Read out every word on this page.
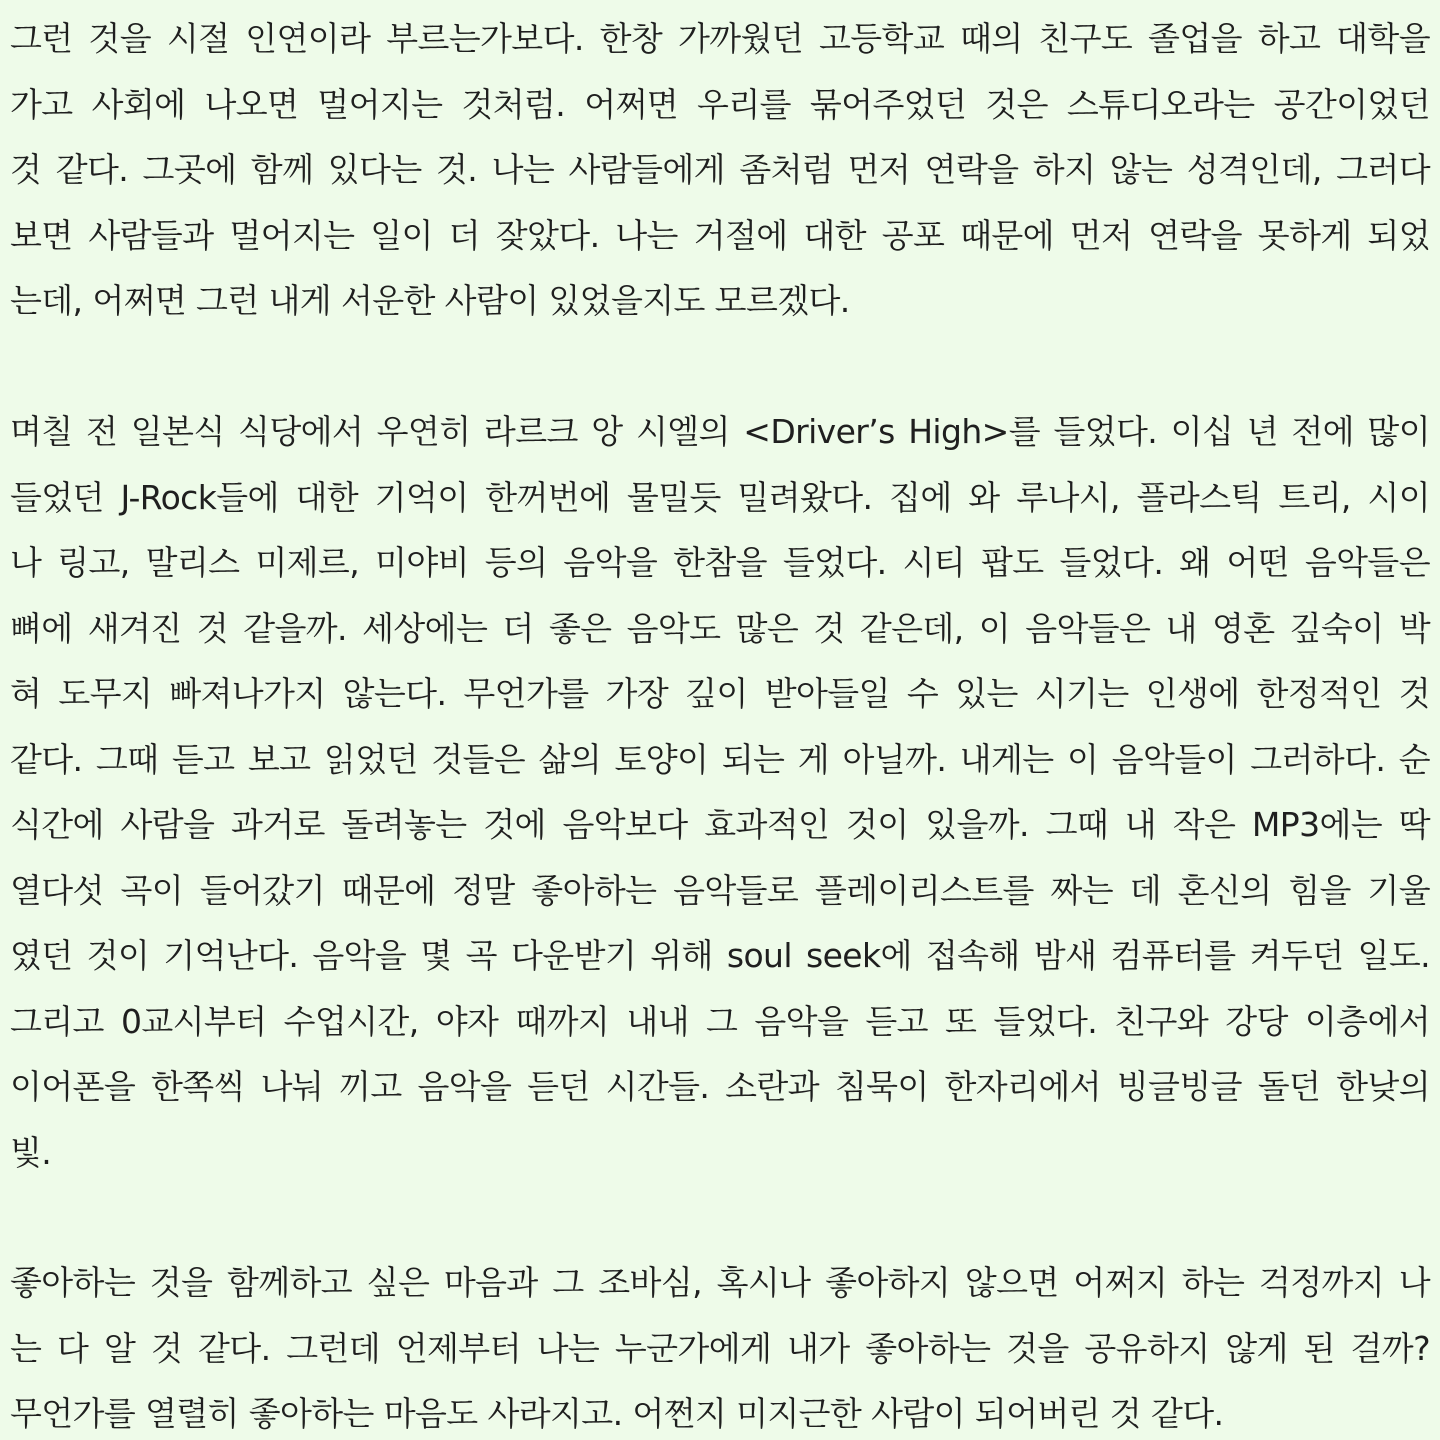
그런 것을 시절 인연이라 부르는가보다. 한창 가까웠던 고등학교 때의 친구도 졸업을 하고 대학을
가고 사회에 나오면 멀어지는 것처럼. 어쩌면 우리를 묶어주었던 것은 스튜디오라는 공간이었던
것 같다. 그곳에 함께 있다는 것. 나는 사람들에게 좀처럼 먼저 연락을 하지 않는 성격인데, 그러다
보면 사람들과 멀어지는 일이 더 잦았다. 나는 거절에 대한 공포 때문에 먼저 연락을 못하게 되었
는데, 어쩌면 그런 내게 서운한 사람이 있었을지도 모르겠다.
며칠 전 일본식 식당에서 우연히 라르크 앙 시엘의 <Driver’s High>를 들었다. 이십 년 전에 많이
들었던 J-Rock들에 대한 기억이 한꺼번에 물밀듯 밀려왔다. 집에 와 루나시, 플라스틱 트리, 시이
나 링고, 말리스 미제르, 미야비 등의 음악을 한참을 들었다. 시티 팝도 들었다. 왜 어떤 음악들은
뼈에 새겨진 것 같을까. 세상에는 더 좋은 음악도 많은 것 같은데, 이 음악들은 내 영혼 깊숙이 박
혀 도무지 빠져나가지 않는다. 무언가를 가장 깊이 받아들일 수 있는 시기는 인생에 한정적인 것
같다. 그때 듣고 보고 읽었던 것들은 삶의 토양이 되는 게 아닐까. 내게는 이 음악들이 그러하다. 순
식간에 사람을 과거로 돌려놓는 것에 음악보다 효과적인 것이 있을까. 그때 내 작은 MP3에는 딱
열다섯 곡이 들어갔기 때문에 정말 좋아하는 음악들로 플레이리스트를 짜는 데 혼신의 힘을 기울
였던 것이 기억난다. 음악을 몇 곡 다운받기 위해 soul seek에 접속해 밤새 컴퓨터를 켜두던 일도.
그리고 0교시부터 수업시간, 야자 때까지 내내 그 음악을 듣고 또 들었다. 친구와 강당 이층에서
이어폰을 한쪽씩 나눠 끼고 음악을 듣던 시간들. 소란과 침묵이 한자리에서 빙글빙글 돌던 한낮의
빛.
좋아하는 것을 함께하고 싶은 마음과 그 조바심, 혹시나 좋아하지 않으면 어쩌지 하는 걱정까지 나
는 다 알 것 같다. 그런데 언제부터 나는 누군가에게 내가 좋아하는 것을 공유하지 않게 된 걸까?
무언가를 열렬히 좋아하는 마음도 사라지고. 어쩐지 미지근한 사람이 되어버린 것 같다.
